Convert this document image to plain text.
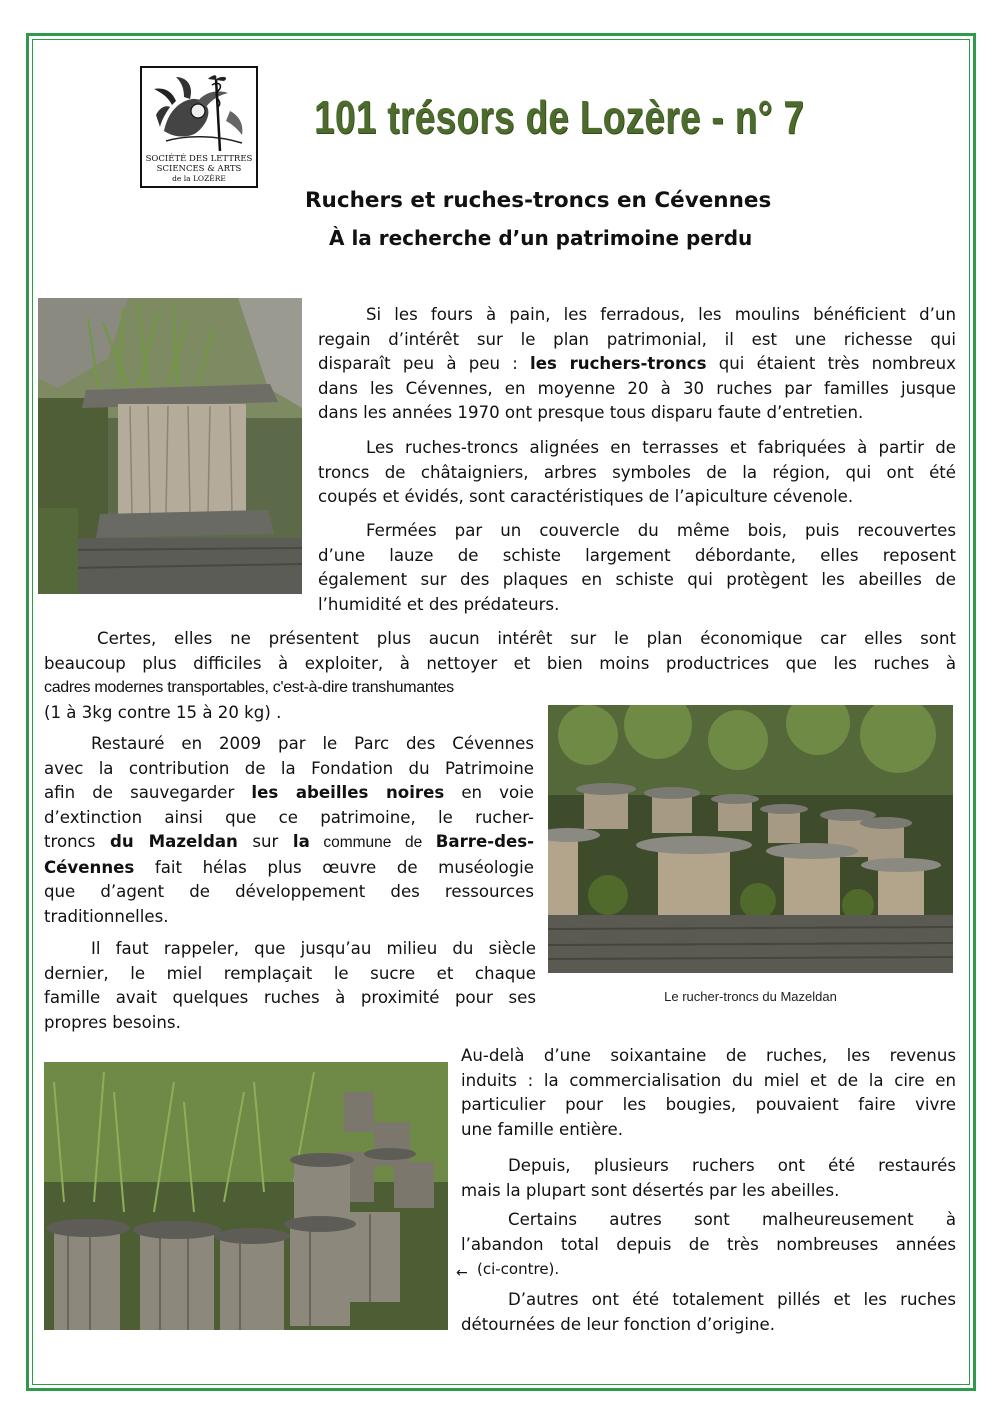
SOCIÉTÉ DES LETTRES
SCIENCES & ARTS
de la LOZÈRE
101 trésors de Lozère - n° 7
Ruchers et ruches-troncs en Cévennes
À la recherche d’un patrimoine perdu
Si les fours à pain, les ferradous, les moulins bénéficient d’un
regain d’intérêt sur le plan patrimonial, il est une richesse qui
disparaît peu à peu : les ruchers-troncs qui étaient très nombreux
dans les Cévennes, en moyenne 20 à 30 ruches par familles jusque
dans les années 1970 ont presque tous disparu faute d’entretien.
Les ruches-troncs alignées en terrasses et fabriquées à partir de
troncs de châtaigniers, arbres symboles de la région, qui ont été
coupés et évidés, sont caractéristiques de l’apiculture cévenole.
Fermées par un couvercle du même bois, puis recouvertes
d’une lauze de schiste largement débordante, elles reposent
également sur des plaques en schiste qui protègent les abeilles de
l’humidité et des prédateurs.
Certes, elles ne présentent plus aucun intérêt sur le plan économique car elles sont
beaucoup plus difficiles à exploiter, à nettoyer et bien moins productrices que les ruches à
cadres modernes transportables, c'est-à-dire transhumantes
(1 à 3kg contre 15 à 20 kg) .
Le rucher-troncs du Mazeldan
Restauré en 2009 par le Parc des Cévennes
avec la contribution de la Fondation du Patrimoine
afin de sauvegarder les abeilles noires en voie
d’extinction ainsi que ce patrimoine, le rucher-
troncs du Mazeldan sur la commune de Barre-des-
Cévennes fait hélas plus œuvre de muséologie
que d’agent de développement des ressources
traditionnelles.
Il faut rappeler, que jusqu’au milieu du siècle
dernier, le miel remplaçait le sucre et chaque
famille avait quelques ruches à proximité pour ses
propres besoins.
Au-delà d’une soixantaine de ruches, les revenus
induits : la commercialisation du miel et de la cire en
particulier pour les bougies, pouvaient faire vivre
une famille entière.
Depuis, plusieurs ruchers ont été restaurés
mais la plupart sont désertés par les abeilles.
Certains autres sont malheureusement à
l’abandon total depuis de très nombreuses années
(ci-contre).
←
D’autres ont été totalement pillés et les ruches
détournées de leur fonction d’origine.
